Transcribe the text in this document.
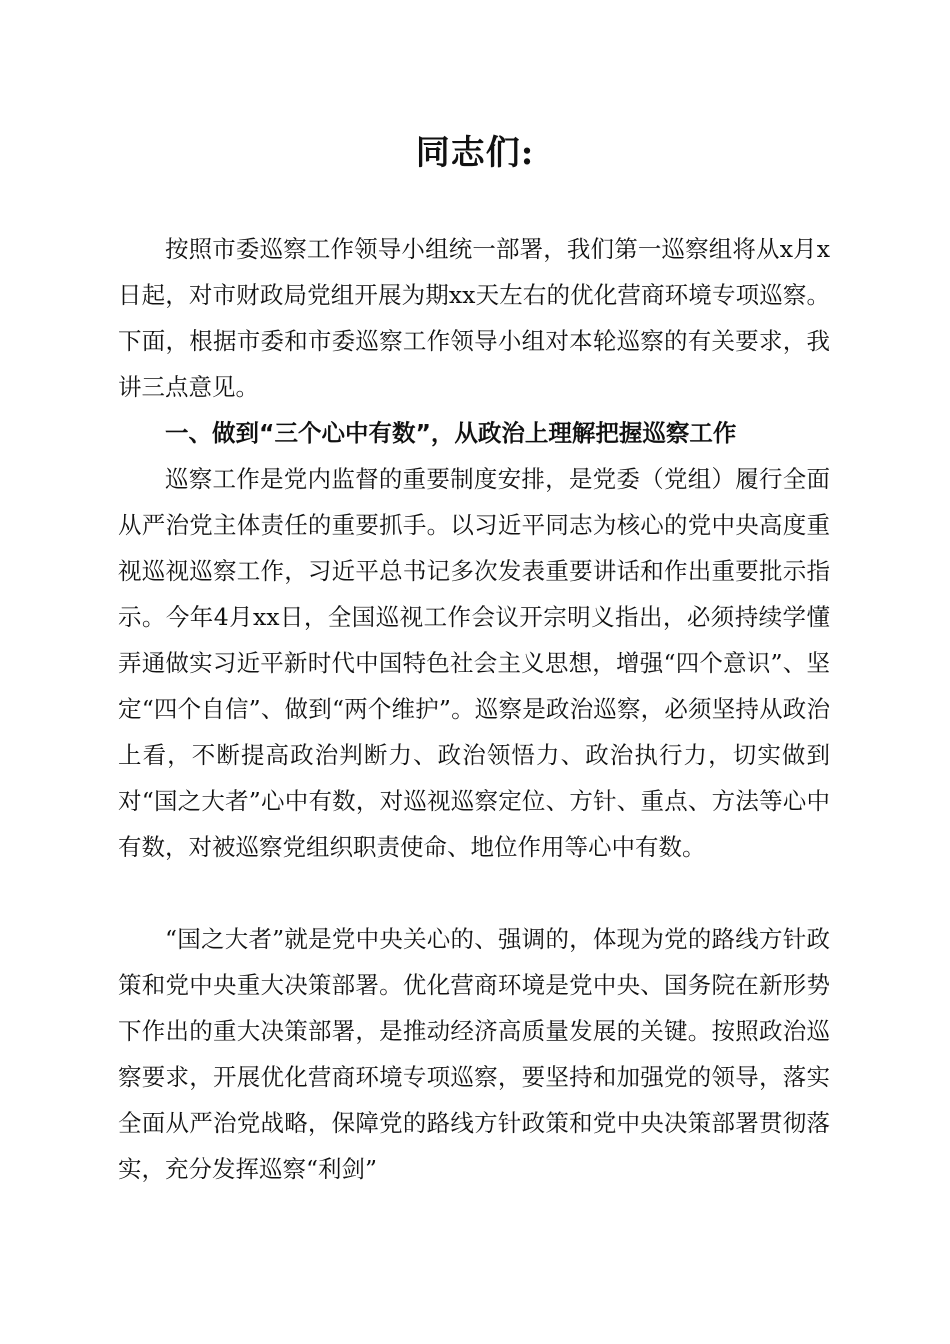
同志们:

按照市委巡察工作领导小组统一部署，我们第一巡察组将从x月x日起，对市财政局党组开展为期xx天左右的优化营商环境专项巡察。下面，根据市委和市委巡察工作领导小组对本轮巡察的有关要求，我讲三点意见。

一、做到“三个心中有数”，从政治上理解把握巡察工作

巡察工作是党内监督的重要制度安排，是党委（党组）履行全面从严治党主体责任的重要抓手。以习近平同志为核心的党中央高度重视巡视巡察工作，习近平总书记多次发表重要讲话和作出重要批示指示。今年4月xx日，全国巡视工作会议开宗明义指出，必须持续学懂弄通做实习近平新时代中国特色社会主义思想，增强“四个意识”、坚定“四个自信”、做到“两个维护”。巡察是政治巡察，必须坚持从政治上看，不断提高政治判断力、政治领悟力、政治执行力，切实做到对“国之大者”心中有数，对巡视巡察定位、方针、重点、方法等心中有数，对被巡察党组织职责使命、地位作用等心中有数。

“国之大者”就是党中央关心的、强调的，体现为党的路线方针政策和党中央重大决策部署。优化营商环境是党中央、国务院在新形势下作出的重大决策部署，是推动经济高质量发展的关键。按照政治巡察要求，开展优化营商环境专项巡察，要坚持和加强党的领导，落实全面从严治党战略，保障党的路线方针政策和党中央决策部署贯彻落实，充分发挥巡察“利剑”
